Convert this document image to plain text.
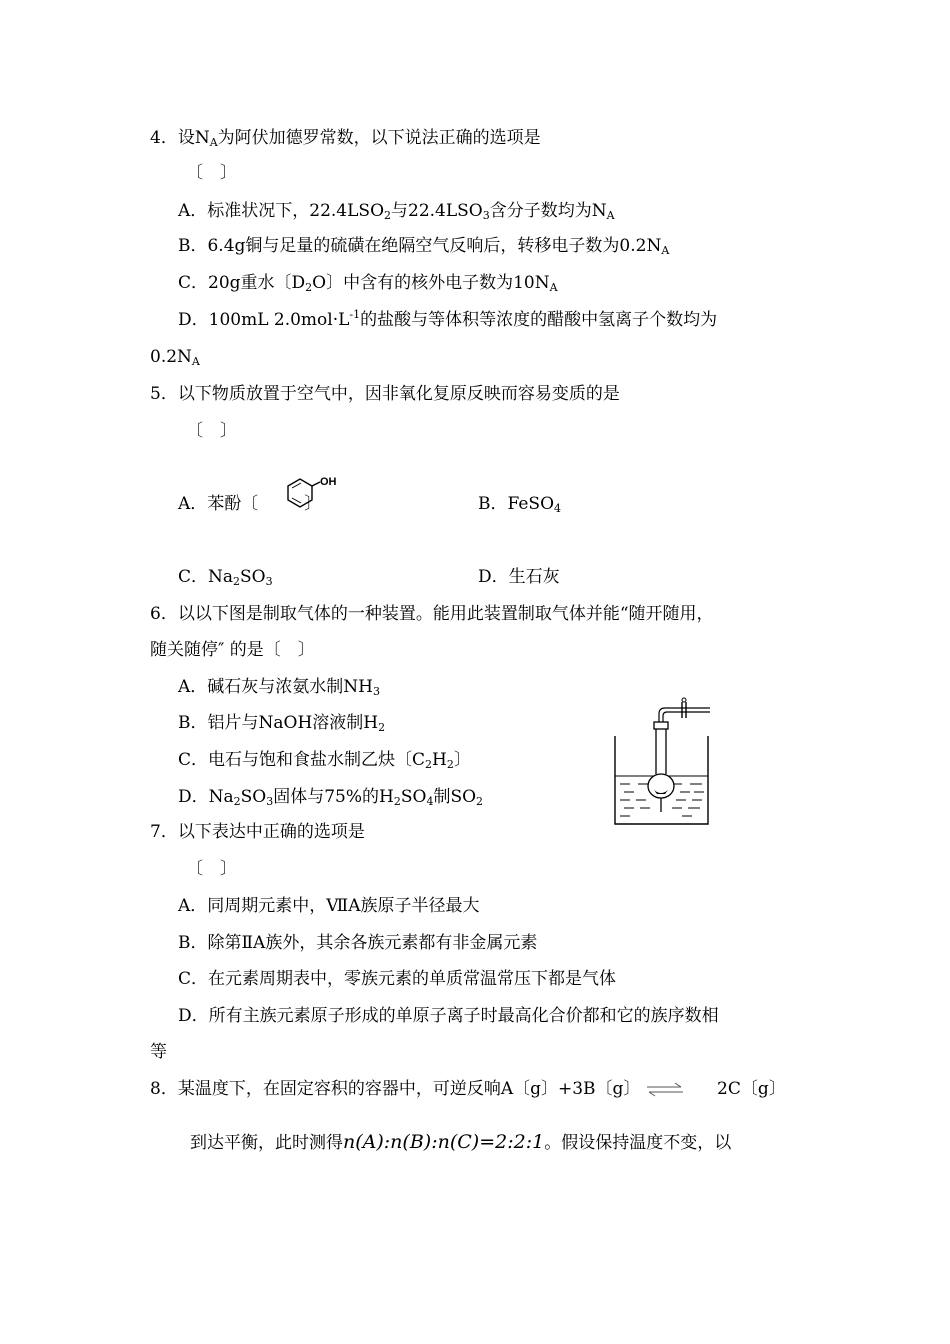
4．设$N_A$为阿伏加德罗常数，以下说法正确的选项是
〔　〕
A．标准状况下，$22.4LSO_2$与$22.4LSO_3$含分子数均为$N_A$
B．6.4g铜与足量的硫磺在绝隔空气反响后，转移电子数为$0.2N_A$
C．20g重水〔$D_2O$〕中含有的核外电子数为$10N_A$
D．100mL $2.0mol\cdot L^{-1}$的盐酸与等体积等浓度的醋酸中氢离子个数均为
$0.2N_A$
5．以下物质放置于空气中，因非氧化复原反映而容易变质的是
〔　〕
A．苯酚〔	〕
OH
B．FeSO$_4$
C．$Na_2SO_3$	D．生石灰
6．以以下图是制取气体的一种装置。能用此装置制取气体并能“随开随用，
随关随停″ 的是〔　〕
A．碱石灰与浓氨水制$NH_3$
B．铝片与NaOH溶液制$H_2$
C．电石与饱和食盐水制乙炔〔$C_2H_2$〕
D．$Na_2SO_3$固体与75%的$H_2SO_4$制$SO_2$
7．以下表达中正确的选项是
〔　〕
A．同周期元素中，ⅦA族原子半径最大
B．除第ⅡA族外，其余各族元素都有非金属元素
C．在元素周期表中，零族元素的单质常温常压下都是气体
D．所有主族元素原子形成的单原子离子时最高化合价都和它的族序数相
等
8．某温度下，在固定容积的容器中，可逆反响A〔g〕+3B〔g〕 ⇌ 2C〔g〕
到达平衡，此时测得n(A):n(B):n(C)=2:2:1。假设保持温度不变，以
